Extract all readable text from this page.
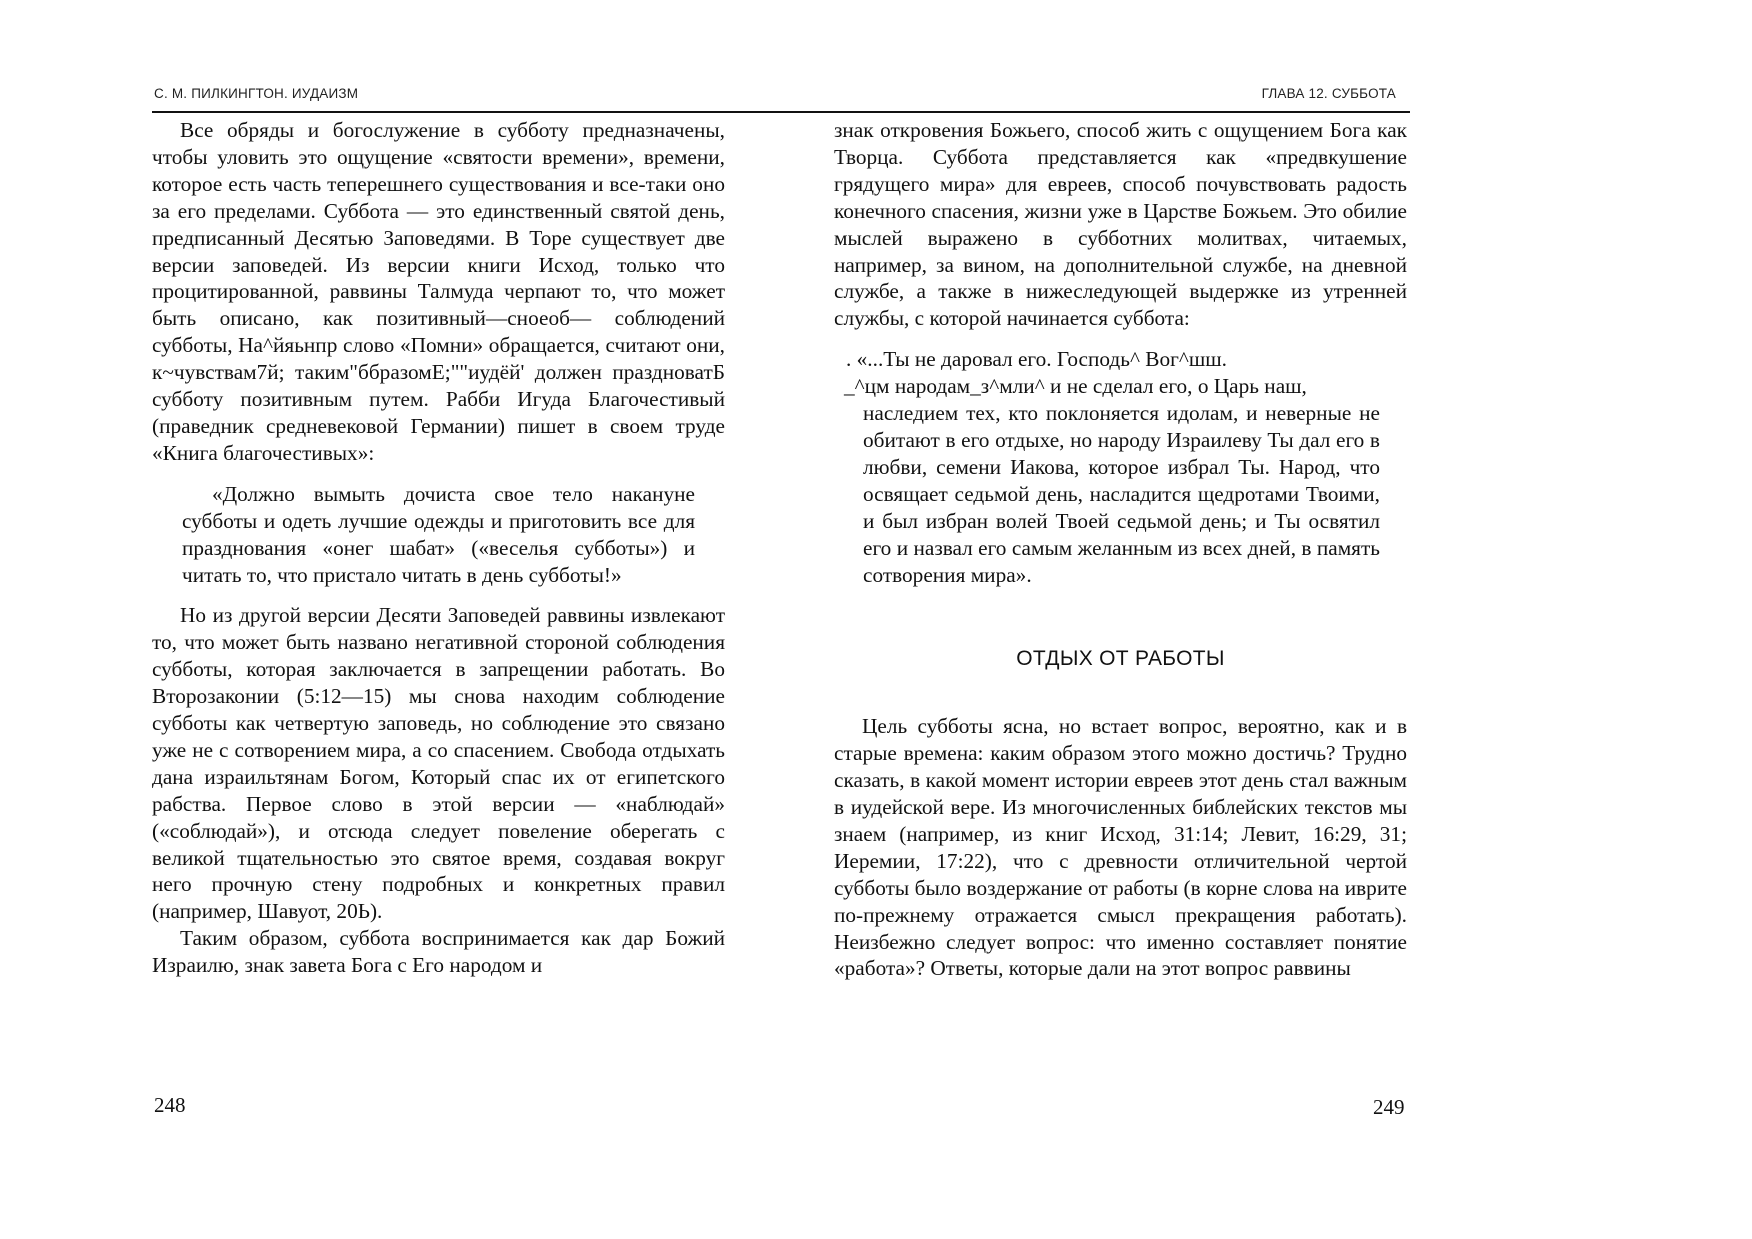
С. М. ПИЛКИНГТОН. ИУДАИЗМ	ГЛАВА 12. СУББОТА

Все обряды и богослужение в субботу предназначены, чтобы уловить это ощущение «святости времени», времени, которое есть часть теперешнего существования и все-таки оно за его пределами. Суббота — это единственный святой день, предписанный Десятью Заповедями. В Торе существует две версии заповедей. Из версии книги Исход, только что процитированной, раввины Талмуда черпают то, что может быть описано, как позитивный—сноеоб— соблюдений субботы, На^йяьнпр слово «Помни» обращается, считают они, к~чувствам7й; таким"ббразомЕ;""иудёй' должен празднoватБ субботу позитивным путем. Рабби Игуда Благочестивый (праведник средневековой Германии) пишет в своем труде «Книга благочестивых»:

«Должно вымыть дочиста свое тело накануне субботы и одеть лучшие одежды и приготовить все для празднования «онег шабат» («веселья субботы») и читать то, что пристало читать в день субботы!»

Но из другой версии Десяти Заповедей раввины извлекают то, что может быть названо негативной стороной соблюдения субботы, которая заключается в запрещении работать. Во Второзаконии (5:12—15) мы снова находим соблюдение субботы как четвертую заповедь, но соблюдение это связано уже не с сотворением мира, а со спасением. Свобода отдыхать дана израильтянам Богом, Который спас их от египетского рабства. Первое слово в этой версии — «наблюдай» («соблюдай»), и отсюда следует повеление оберегать с великой тщательностью это святое время, создавая вокруг него прочную стену подробных и конкретных правил (например, Шавуот, 20Ь).

Таким образом, суббота воспринимается как дар Божий Израилю, знак завета Бога с Его народом и

знак откровения Божьего, способ жить с ощущением Бога как Творца. Суббота представляется как «предвкушение грядущего мира» для евреев, способ почувствовать радость конечного спасения, жизни уже в Царстве Божьем. Это обилие мыслей выражено в субботних молитвах, читаемых, например, за вином, на дополнительной службе, на дневной службе, а также в нижеследующей выдержке из утренней службы, с которой начинается суббота:

. «...Ты не даровал его. Господь^ Вог^шш.

_^цм народам_з^мли^ и не сделал его, о Царь наш,

наследием тех, кто поклоняется идолам, и неверные не обитают в его отдыхе, но народу Израилеву Ты дал его в любви, семени Иакова, которое избрал Ты. Народ, что освящает седьмой день, насладится щедротами Твоими, и был избран волей Твоей седьмой день; и Ты освятил его и назвал его самым желанным из всех дней, в память сотворения мира».

ОТДЫХ ОТ РАБОТЫ

Цель субботы ясна, но встает вопрос, вероятно, как и в старые времена: каким образом этого можно достичь? Трудно сказать, в какой момент истории евреев этот день стал важным в иудейской вере. Из многочисленных библейских текстов мы знаем (например, из книг Исход, 31:14; Левит, 16:29, 31; Иеремии, 17:22), что с древности отличительной чертой субботы было воздержание от работы (в корне слова на иврите по-прежнему отражается смысл прекращения работать). Неизбежно следует вопрос: что именно составляет понятие «работа»? Ответы, которые дали на этот вопрос раввины

248	249
